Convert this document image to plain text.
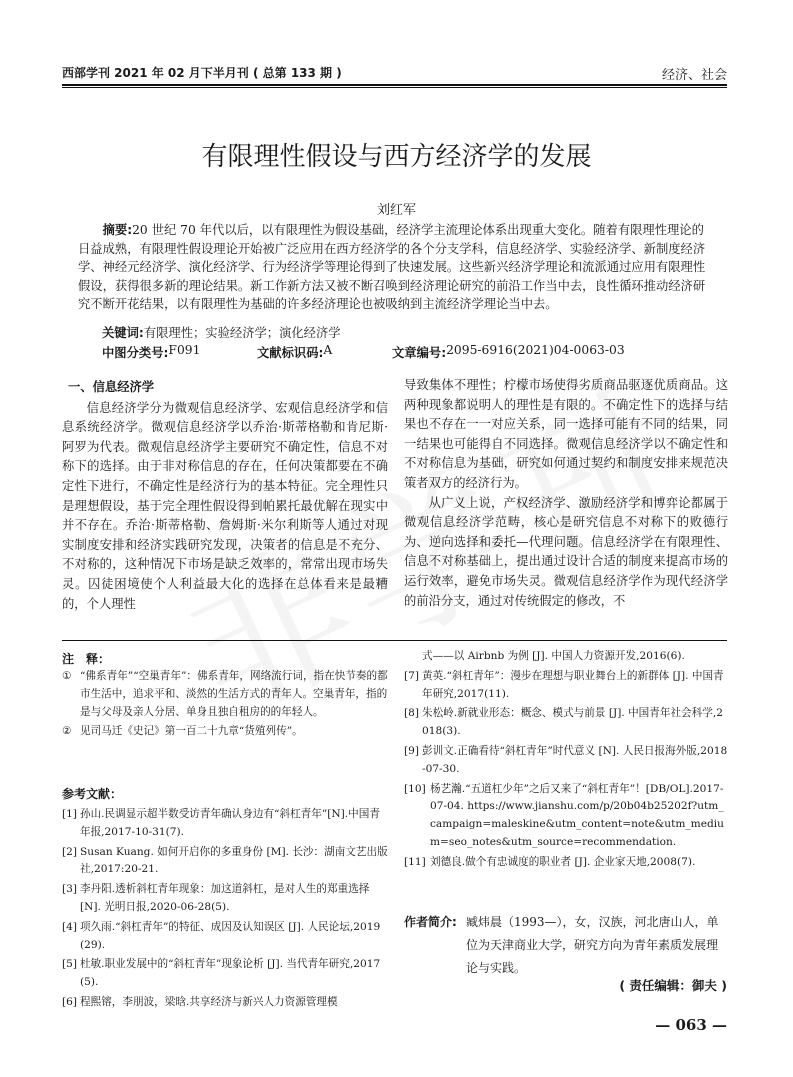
西部学刊 2021 年 02 月下半月刊 ( 总第 133 期 )	经济、社会
有限理性假设与西方经济学的发展
刘红军
摘要:20 世纪 70 年代以后，以有限理性为假设基础，经济学主流理论体系出现重大变化。随着有限理性理论的日益成熟，有限理性假设理论开始被广泛应用在西方经济学的各个分支学科，信息经济学、实验经济学、新制度经济学、神经元经济学、演化经济学、行为经济学等理论得到了快速发展。这些新兴经济学理论和流派通过应用有限理性假设，获得很多新的理论结果。新工作新方法又被不断召唤到经济理论研究的前沿工作当中去，良性循环推动经济研究不断开花结果，以有限理性为基础的许多经济理论也被吸纳到主流经济学理论当中去。
关键词:有限理性；实验经济学；演化经济学
中图分类号: F091	文献标识码: A	文章编号: 2095-6916(2021)04-0063-03
一、信息经济学

信息经济学分为微观信息经济学、宏观信息经济学和信息系统经济学。微观信息经济学以乔治·斯蒂格勒和肯尼斯·阿罗为代表。微观信息经济学主要研究不确定性，信息不对称下的选择。由于非对称信息的存在，任何决策都要在不确定性下进行，不确定性是经济行为的基本特征。完全理性只是理想假设，基于完全理性假设得到帕累托最优解在现实中并不存在。乔治·斯蒂格勒、詹姆斯·米尔利斯等人通过对现实制度安排和经济实践研究发现，决策者的信息是不充分、不对称的，这种情况下市场是缺乏效率的，常常出现市场失灵。囚徒困境使个人利益最大化的选择在总体看来是最糟的，个人理性

导致集体不理性；柠檬市场使得劣质商品驱逐优质商品。这两种现象都说明人的理性是有限的。不确定性下的选择与结果也不存在一一对应关系，同一选择可能有不同的结果，同一结果也可能得自不同选择。微观信息经济学以不确定性和不对称信息为基础，研究如何通过契约和制度安排来规范决策者双方的经济行为。

从广义上说，产权经济学、激励经济学和博弈论都属于微观信息经济学范畴，核心是研究信息不对称下的败德行为、逆向选择和委托—代理问题。信息经济学在有限理性、信息不对称基础上，提出通过设计合适的制度来提高市场的运行效率，避免市场失灵。微观信息经济学作为现代经济学的前沿分支，通过对传统假定的修改，不

注　释：
① “佛系青年”“空巢青年”：佛系青年，网络流行词，指在快节奏的都市生活中，追求平和、淡然的生活方式的青年人。空巢青年，指的是与父母及亲人分居、单身且独自租房的的年轻人。
② 见司马迁《史记》第一百二十九章“货殖列传”。
参考文献：
[1] 孙山.民调显示超半数受访青年确认身边有“斜杠青年”[N].中国青年报,2017-10-31(7).
[2] Susan Kuang. 如何开启你的多重身份 [M]. 长沙：湖南文艺出版社,2017:20-21.
[3] 李丹阳.透析斜杠青年现象：加这道斜杠，是对人生的郑重选择 [N]. 光明日报,2020-06-28(5).
[4] 项久雨.“斜杠青年”的特征、成因及认知误区 [J]. 人民论坛,2019(29).
[5] 杜敏.职业发展中的“斜杠青年”现象论析 [J]. 当代青年研究,2017(5).
[6] 程熙镕，李朋波，梁晗.共享经济与新兴人力资源管理模
式——以 Airbnb 为例 [J]. 中国人力资源开发,2016(6).
[7] 黄英.“斜杠青年”：漫步在理想与职业舞台上的新群体 [J]. 中国青年研究,2017(11).
[8] 朱松岭.新就业形态：概念、模式与前景 [J]. 中国青年社会科学,2018(3).
[9] 彭训文.正确看待“斜杠青年”时代意义 [N]. 人民日报海外版,2018-07-30.
[10] 杨艺瀚.“五道杠少年”之后又来了“斜杠青年”！[DB/OL].2017-07-04. https://www.jianshu.com/p/20b04b25202f?utm_campaign=maleskine&utm_content=note&utm_medium=seo_notes&utm_source=recommendation.
[11] 刘德良.做个有忠诚度的职业者 [J]. 企业家天地,2008(7).
作者简介: 臧炜晨（1993—），女，汉族，河北唐山人，单位为天津商业大学，研究方向为青年素质发展理论与实践。
( 责任编辑：御夫 )
— 063 —
